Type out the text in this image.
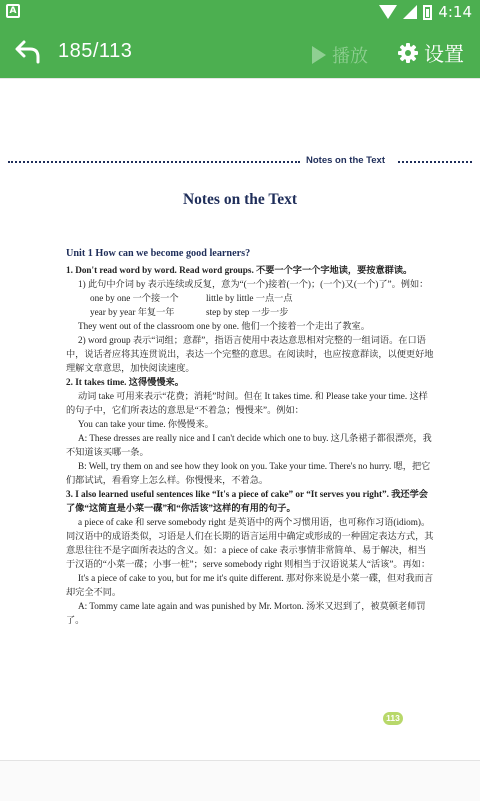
A	4:14
185/113	播放	设置
Notes on the Text
Notes on the Text

Unit 1 How can we become good learners?

1. Don't read word by word. Read word groups. 不要一个字一个字地读，要按意群读。

1) 此句中介词 by 表示连续或反复，意为“(一个)接着(一个)；(一个)又(一个)了”。例如：

one by one 一个接一个	little by little 一点一点
year by year 年复一年	step by step 一步一步

They went out of the classroom one by one. 他们一个接着一个走出了教室。

2) word group 表示“词组；意群”，指语言使用中表达意思相对完整的一组词语。在口语中，说话者应将其连贯说出，表达一个完整的意思。在阅读时，也应按意群读，以便更好地理解文章意思，加快阅读速度。

2. It takes time. 这得慢慢来。

动词 take 可用来表示“花费；消耗”时间。但在 It takes time. 和 Please take your time. 这样的句子中，它们所表达的意思是“不着急；慢慢来”。例如：

You can take your time. 你慢慢来。

A: These dresses are really nice and I can't decide which one to buy. 这几条裙子都很漂亮，我不知道该买哪一条。

B: Well, try them on and see how they look on you. Take your time. There's no hurry. 嗯，把它们都试试，看看穿上怎么样。你慢慢来，不着急。

3. I also learned useful sentences like “It's a piece of cake” or “It serves you right”. 我还学会了像“这简直是小菜一碟”和“你活该”这样的有用的句子。

a piece of cake 和 serve somebody right 是英语中的两个习惯用语，也可称作习语(idiom)。同汉语中的成语类似，习语是人们在长期的语言运用中确定或形成的一种固定表达方式，其意思往往不是字面所表达的含义。如：a piece of cake 表示事情非常简单、易于解决，相当于汉语的“小菜一碟；小事一桩”；serve somebody right 则相当于汉语说某人“活该”。再如：

It's a piece of cake to you, but for me it's quite different. 那对你来说是小菜一碟，但对我而言却完全不同。

A: Tommy came late again and was punished by Mr. Morton. 汤米又迟到了，被莫顿老师罚了。

113
